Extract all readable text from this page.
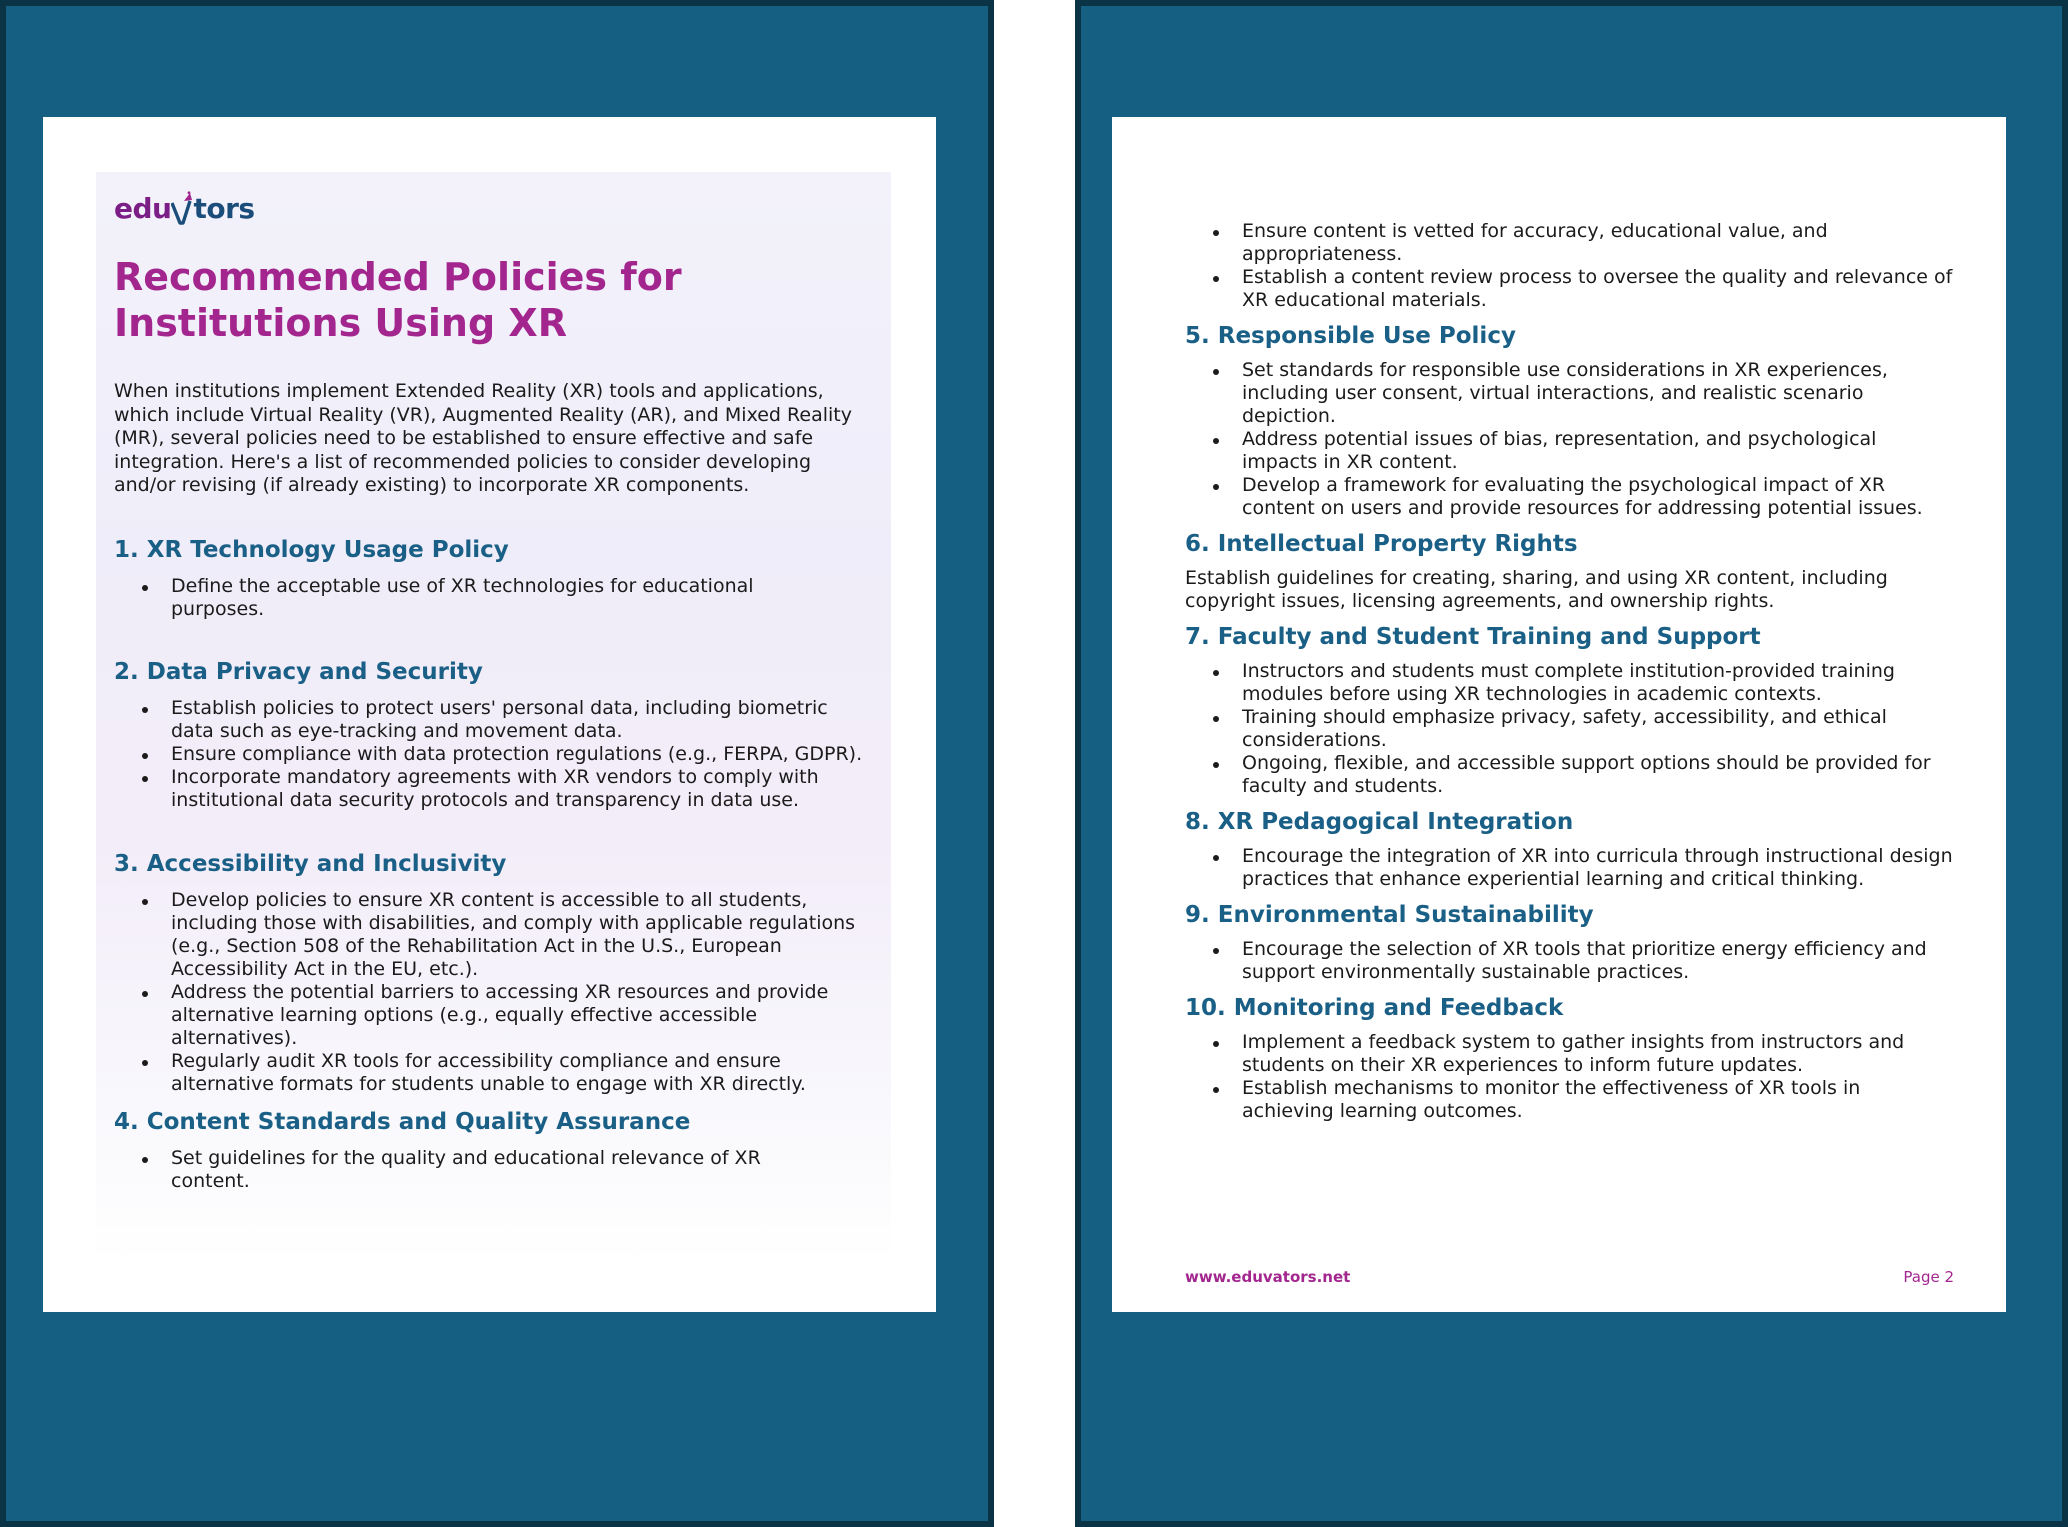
edu tors
Recommended Policies for
Institutions Using XR

When institutions implement Extended Reality (XR) tools and applications, which include Virtual Reality (VR), Augmented Reality (AR), and Mixed Reality (MR), several policies need to be established to ensure effective and safe integration. Here's a list of recommended policies to consider developing and/or revising (if already existing) to incorporate XR components.

1. XR Technology Usage Policy
Define the acceptable use of XR technologies for educational purposes.
2. Data Privacy and Security
Establish policies to protect users' personal data, including biometric data such as eye-tracking and movement data.
Ensure compliance with data protection regulations (e.g., FERPA, GDPR).
Incorporate mandatory agreements with XR vendors to comply with institutional data security protocols and transparency in data use.
3. Accessibility and Inclusivity
Develop policies to ensure XR content is accessible to all students, including those with disabilities, and comply with applicable regulations (e.g., Section 508 of the Rehabilitation Act in the U.S., European Accessibility Act in the EU, etc.).
Address the potential barriers to accessing XR resources and provide alternative learning options (e.g., equally effective accessible alternatives).
Regularly audit XR tools for accessibility compliance and ensure alternative formats for students unable to engage with XR directly.
4. Content Standards and Quality Assurance
Set guidelines for the quality and educational relevance of XR content.
Ensure content is vetted for accuracy, educational value, and appropriateness.
Establish a content review process to oversee the quality and relevance of XR educational materials.
5. Responsible Use Policy
Set standards for responsible use considerations in XR experiences, including user consent, virtual interactions, and realistic scenario depiction.
Address potential issues of bias, representation, and psychological impacts in XR content.
Develop a framework for evaluating the psychological impact of XR content on users and provide resources for addressing potential issues.
6. Intellectual Property Rights

Establish guidelines for creating, sharing, and using XR content, including copyright issues, licensing agreements, and ownership rights.

7. Faculty and Student Training and Support
Instructors and students must complete institution-provided training modules before using XR technologies in academic contexts.
Training should emphasize privacy, safety, accessibility, and ethical considerations.
Ongoing, flexible, and accessible support options should be provided for faculty and students.
8. XR Pedagogical Integration
Encourage the integration of XR into curricula through instructional design practices that enhance experiential learning and critical thinking.
9. Environmental Sustainability
Encourage the selection of XR tools that prioritize energy efficiency and support environmentally sustainable practices.
10. Monitoring and Feedback
Implement a feedback system to gather insights from instructors and students on their XR experiences to inform future updates.
Establish mechanisms to monitor the effectiveness of XR tools in achieving learning outcomes.
www.eduvators.net	Page 2
